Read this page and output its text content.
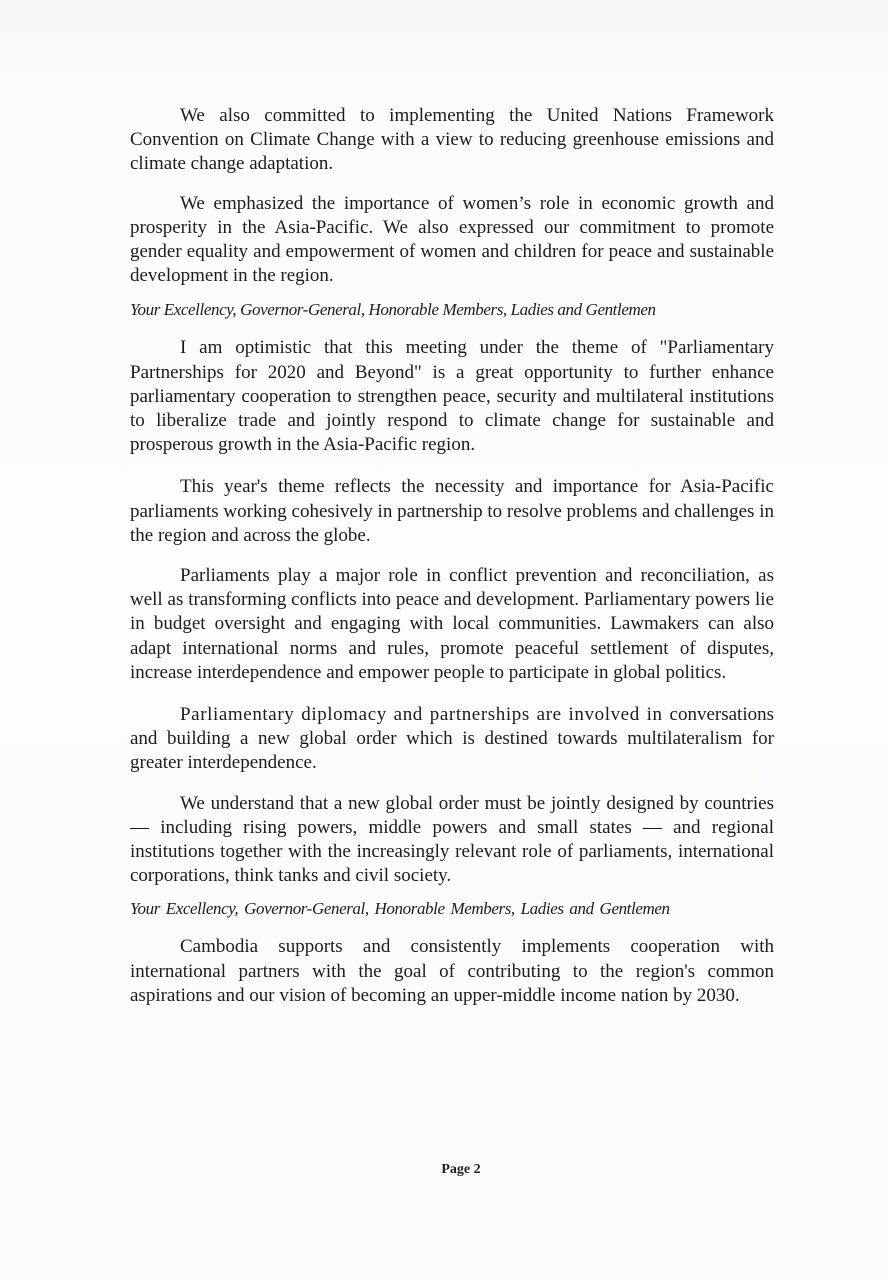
We also committed to implementing the United Nations Framework Convention on Climate Change with a view to reducing greenhouse emissions and climate change adaptation.

We emphasized the importance of women’s role in economic growth and prosperity in the Asia-Pacific. We also expressed our commitment to promote gender equality and empowerment of women and children for peace and sustainable development in the region.

Your Excellency, Governor-General, Honorable Members, Ladies and Gentlemen

I am optimistic that this meeting under the theme of "Parliamentary Partnerships for 2020 and Beyond" is a great opportunity to further enhance parliamentary cooperation to strengthen peace, security and multilateral institutions to liberalize trade and jointly respond to climate change for sustainable and prosperous growth in the Asia-Pacific region.

This year's theme reflects the necessity and importance for Asia-Pacific parliaments working cohesively in partnership to resolve problems and challenges in the region and across the globe.

Parliaments play a major role in conflict prevention and reconciliation, as well as transforming conflicts into peace and development. Parliamentary powers lie in budget oversight and engaging with local communities. Lawmakers can also adapt international norms and rules, promote peaceful settlement of disputes, increase interdependence and empower people to participate in global politics.

Parliamentary diplomacy and partnerships are involved in conversations and building a new global order which is destined towards multilateralism for greater interdependence.

We understand that a new global order must be jointly designed by countries — including rising powers, middle powers and small states — and regional institutions together with the increasingly relevant role of parliaments, international corporations, think tanks and civil society.

Your Excellency, Governor-General, Honorable Members, Ladies and Gentlemen

Cambodia supports and consistently implements cooperation with international partners with the goal of contributing to the region's common aspirations and our vision of becoming an upper-middle income nation by 2030.

Page 2
